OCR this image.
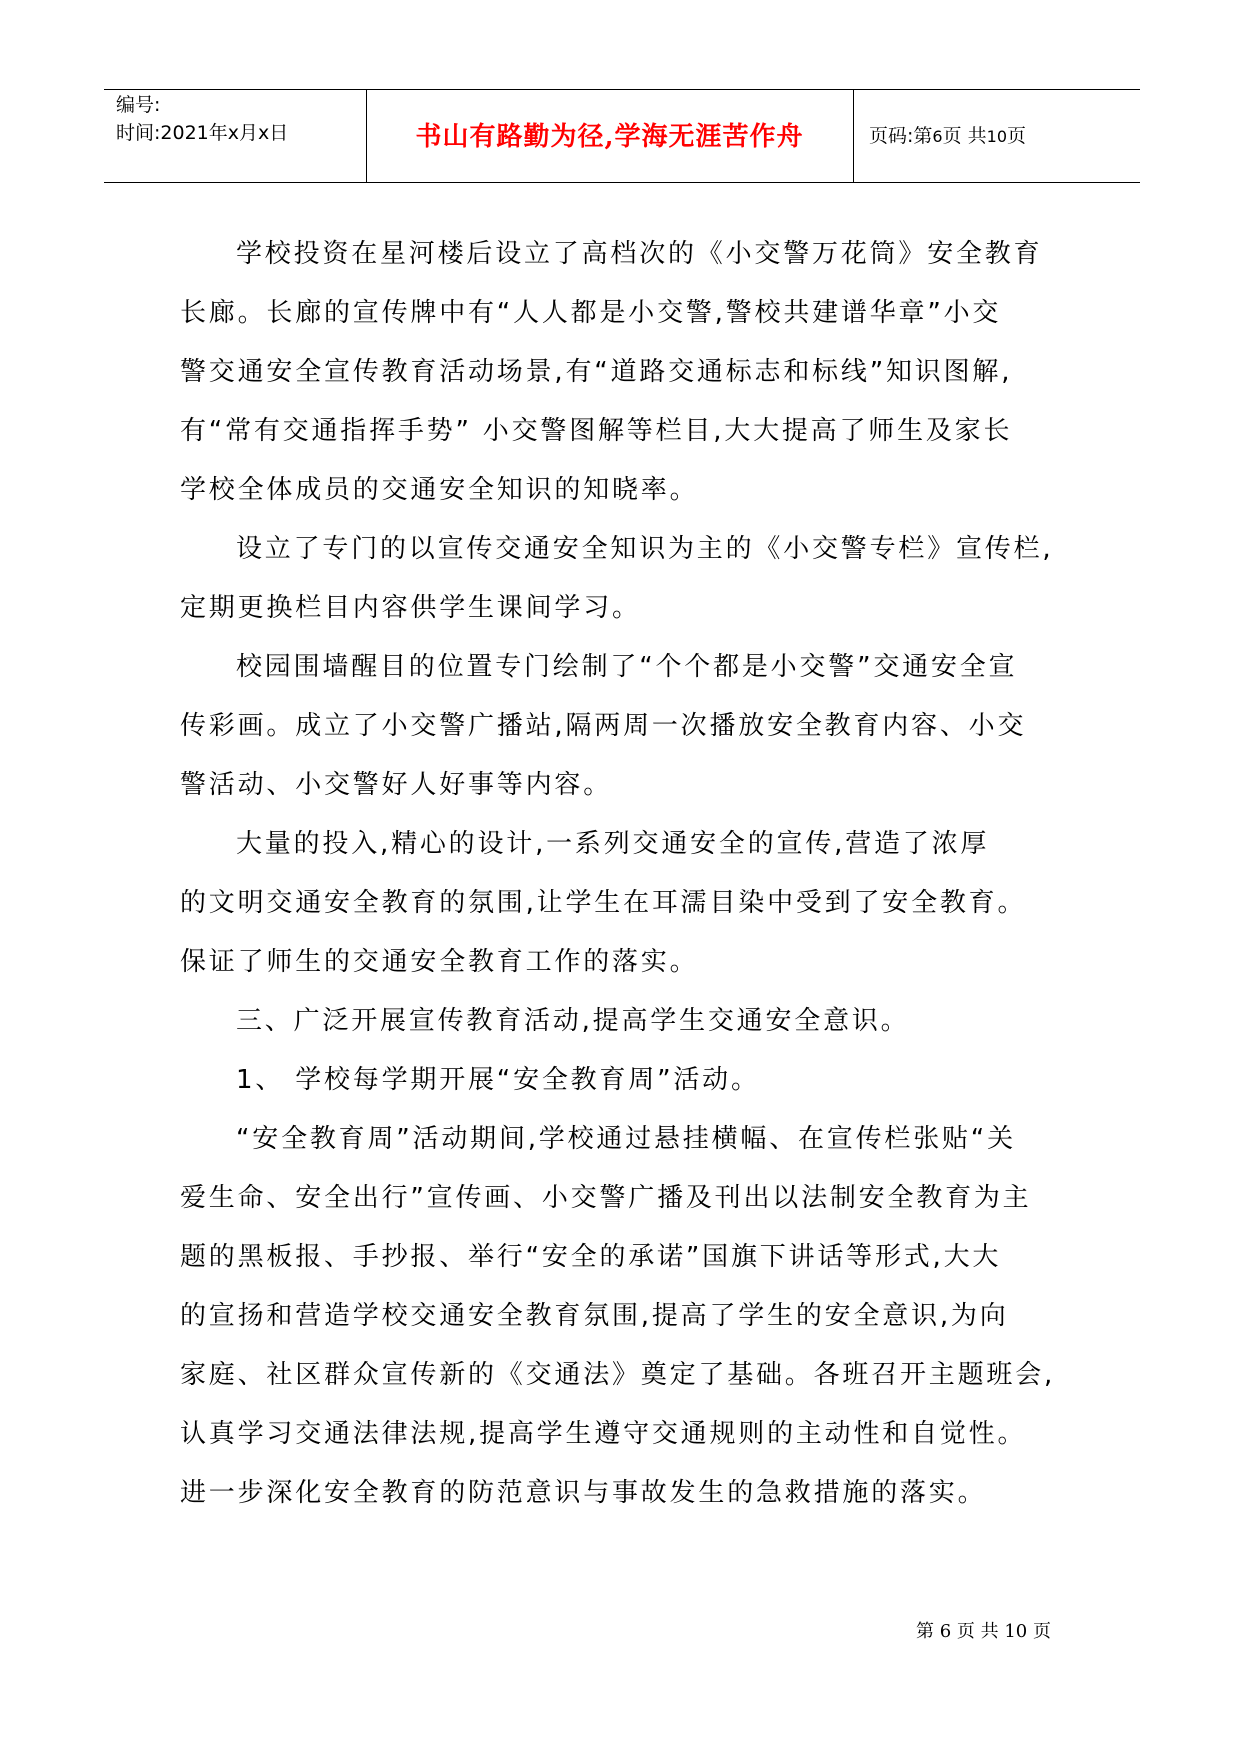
编号:
时间:2021年x月x日	书山有路勤为径,学海无涯苦作舟	页码:第6页 共10页
学校投资在星河楼后设立了高档次的《小交警万花筒》安全教育
长廊。长廊的宣传牌中有“人人都是小交警,警校共建谱华章”小交
警交通安全宣传教育活动场景,有“道路交通标志和标线”知识图解,
有“常有交通指挥手势” 小交警图解等栏目,大大提高了师生及家长
学校全体成员的交通安全知识的知晓率。
设立了专门的以宣传交通安全知识为主的《小交警专栏》宣传栏,
定期更换栏目内容供学生课间学习。
校园围墙醒目的位置专门绘制了“个个都是小交警”交通安全宣
传彩画。成立了小交警广播站,隔两周一次播放安全教育内容、小交
警活动、小交警好人好事等内容。
大量的投入,精心的设计,一系列交通安全的宣传,营造了浓厚
的文明交通安全教育的氛围,让学生在耳濡目染中受到了安全教育。
保证了师生的交通安全教育工作的落实。
三、广泛开展宣传教育活动,提高学生交通安全意识。
1、 学校每学期开展“安全教育周”活动。
“安全教育周”活动期间,学校通过悬挂横幅、在宣传栏张贴“关
爱生命、安全出行”宣传画、小交警广播及刊出以法制安全教育为主
题的黑板报、手抄报、举行“安全的承诺”国旗下讲话等形式,大大
的宣扬和营造学校交通安全教育氛围,提高了学生的安全意识,为向
家庭、社区群众宣传新的《交通法》奠定了基础。各班召开主题班会,
认真学习交通法律法规,提高学生遵守交通规则的主动性和自觉性。
进一步深化安全教育的防范意识与事故发生的急救措施的落实。
第 6 页 共 10 页
